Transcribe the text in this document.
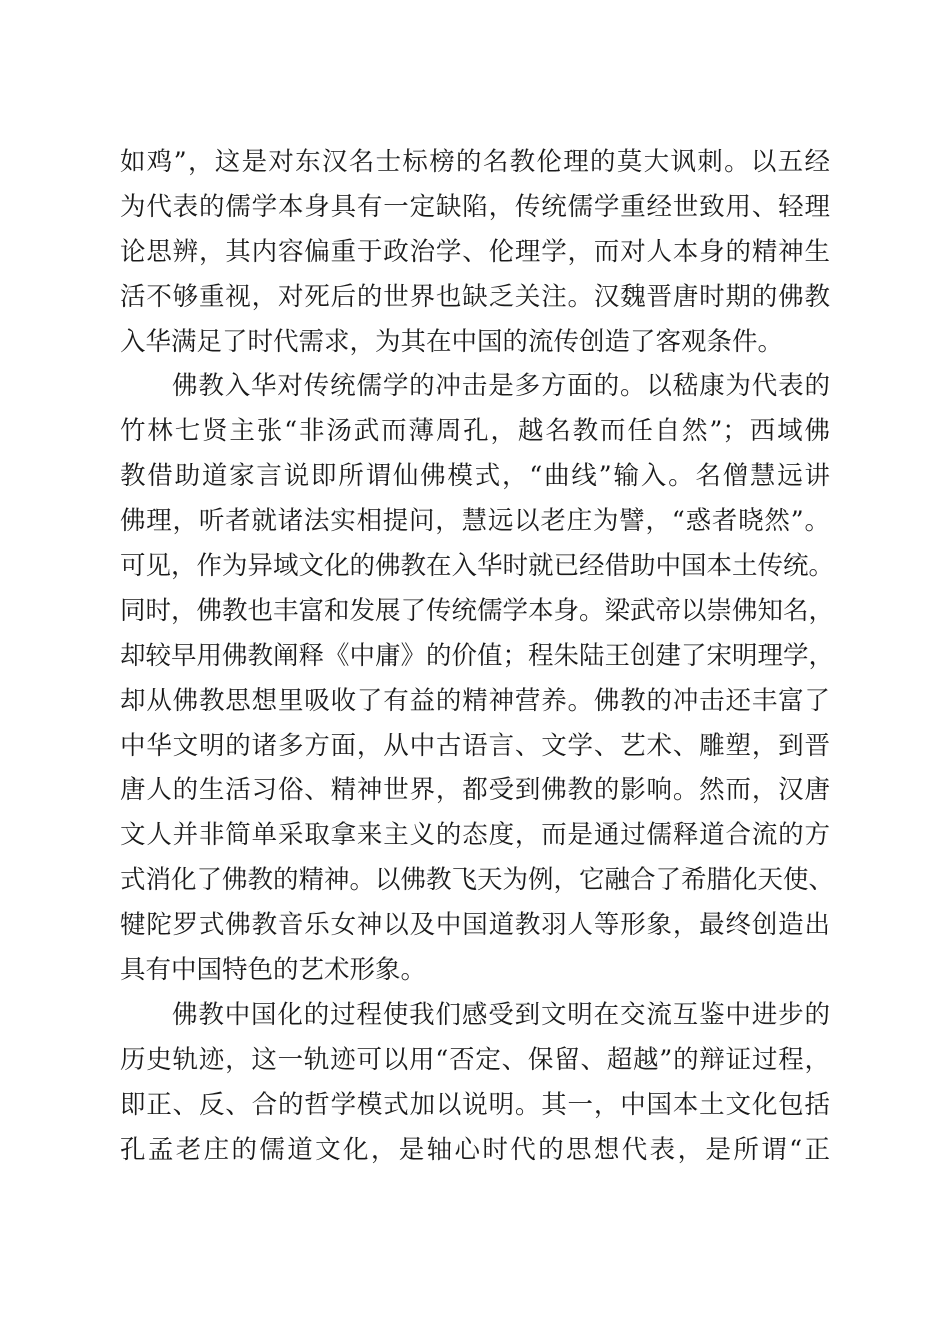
如鸡”，这是对东汉名士标榜的名教伦理的莫大讽刺。以五经
为代表的儒学本身具有一定缺陷，传统儒学重经世致用、轻理
论思辨，其内容偏重于政治学、伦理学，而对人本身的精神生
活不够重视，对死后的世界也缺乏关注。汉魏晋唐时期的佛教
入华满足了时代需求，为其在中国的流传创造了客观条件。
佛教入华对传统儒学的冲击是多方面的。以嵇康为代表的
竹林七贤主张“非汤武而薄周孔，越名教而任自然”；西域佛
教借助道家言说即所谓仙佛模式，“曲线”输入。名僧慧远讲
佛理，听者就诸法实相提问，慧远以老庄为譬，“惑者晓然”。
可见，作为异域文化的佛教在入华时就已经借助中国本土传统。
同时，佛教也丰富和发展了传统儒学本身。梁武帝以崇佛知名，
却较早用佛教阐释《中庸》的价值；程朱陆王创建了宋明理学，
却从佛教思想里吸收了有益的精神营养。佛教的冲击还丰富了
中华文明的诸多方面，从中古语言、文学、艺术、雕塑，到晋
唐人的生活习俗、精神世界，都受到佛教的影响。然而，汉唐
文人并非简单采取拿来主义的态度，而是通过儒释道合流的方
式消化了佛教的精神。以佛教飞天为例，它融合了希腊化天使、
犍陀罗式佛教音乐女神以及中国道教羽人等形象，最终创造出
具有中国特色的艺术形象。
佛教中国化的过程使我们感受到文明在交流互鉴中进步的
历史轨迹，这一轨迹可以用“否定、保留、超越”的辩证过程，
即正、反、合的哲学模式加以说明。其一，中国本土文化包括
孔孟老庄的儒道文化，是轴心时代的思想代表，是所谓“正
